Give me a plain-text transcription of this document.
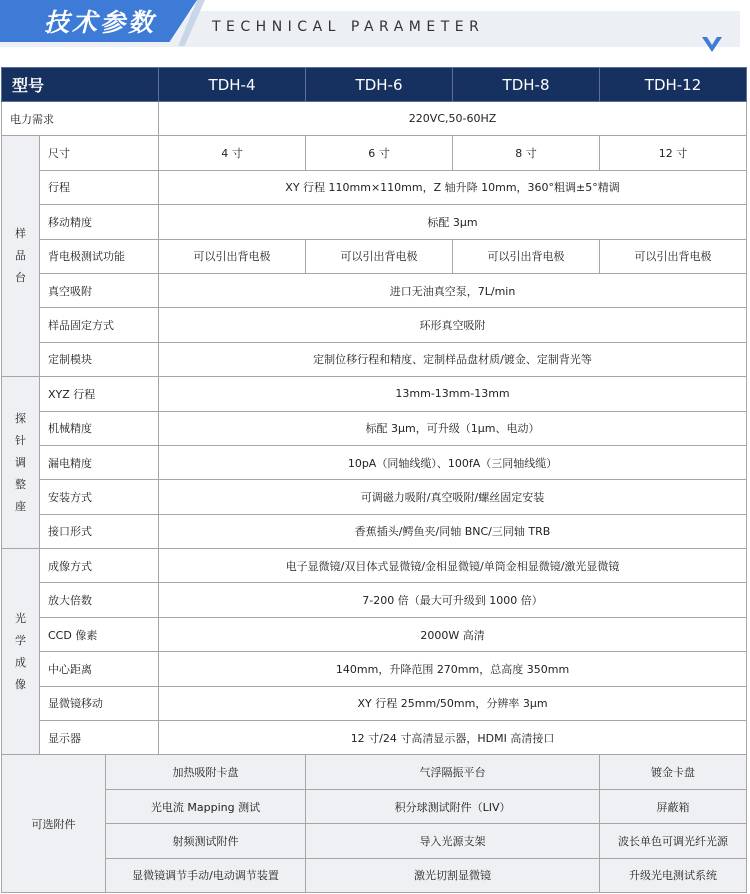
技术参数	TECHNICAL PARAMETER
型号			TDH-4	TDH-6	TDH-8	TDH-12
电力需求			220VC,50-60HZ			

样
品
台	尺寸		4 寸	6 寸	8 寸	12 寸
	行程		XY 行程 110mm×110mm，Z 轴升降 10mm，360°粗调±5°精调			
	移动精度		标配 3μm			
	背电极测试功能		可以引出背电极	可以引出背电极	可以引出背电极	可以引出背电极
	真空吸附		进口无油真空泵，7L/min			
	样品固定方式		环形真空吸附			
	定制模块		定制位移行程和精度、定制样品盘材质/镀金、定制背光等			

探
针
调
整
座	XYZ 行程		13mm-13mm-13mm			
	机械精度		标配 3μm，可升级（1μm、电动）			
	漏电精度		10pA（同轴线缆）、100fA（三同轴线缆）			
	安装方式		可调磁力吸附/真空吸附/螺丝固定安装			
	接口形式		香蕉插头/鳄鱼夹/同轴 BNC/三同轴 TRB			

光
学
成
像	成像方式		电子显微镜/双目体式显微镜/金相显微镜/单筒金相显微镜/激光显微镜			
	放大倍数		7-200 倍（最大可升级到 1000 倍）			
	CCD 像素		2000W 高清			
	中心距离		140mm，升降范围 270mm，总高度 350mm			
	显微镜移动		XY 行程 25mm/50mm，分辨率 3μm			
	显示器		12 寸/24 寸高清显示器，HDMI 高清接口			
可选附件		加热吸附卡盘		气浮隔振平台		镀金卡盘
		光电流 Mapping 测试		积分球测试附件（LIV）		屏蔽箱
		射频测试附件		导入光源支架		波长单色可调光纤光源
		显微镜调节手动/电动调节装置		激光切割显微镜		升级光电测试系统
